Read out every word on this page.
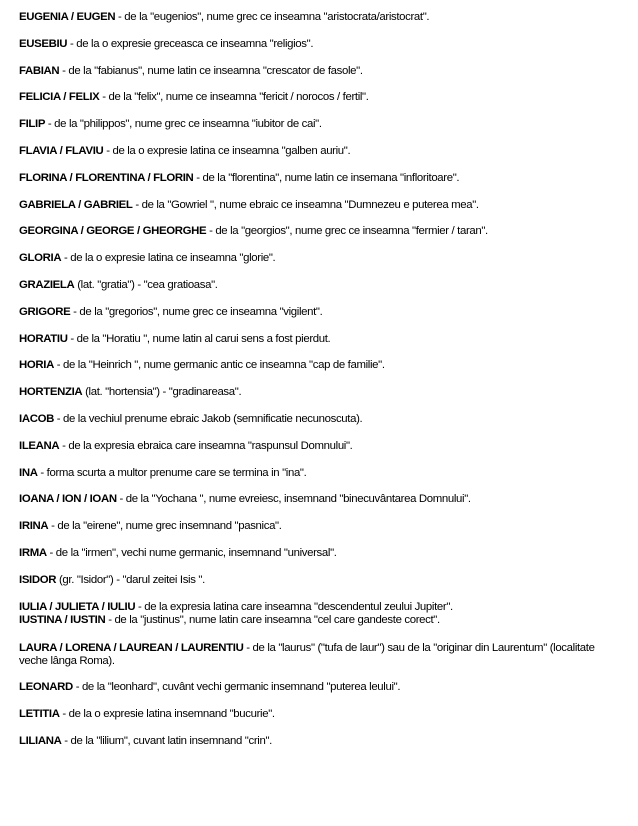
EUGENIA / EUGEN - de la "eugenios", nume grec ce inseamna "aristocrata/aristocrat".

EUSEBIU - de la o expresie greceasca ce inseamna "religios".

FABIAN - de la "fabianus", nume latin ce inseamna "crescator de fasole".

FELICIA / FELIX - de la "felix", nume ce inseamna "fericit / norocos / fertil".

FILIP - de la "philippos", nume grec ce inseamna "iubitor de cai".

FLAVIA / FLAVIU - de la o expresie latina ce inseamna "galben auriu".

FLORINA / FLORENTINA / FLORIN - de la "florentina", nume latin ce insemana "infloritoare".

GABRIELA / GABRIEL - de la "Gowriel ", nume ebraic ce inseamna "Dumnezeu e puterea mea".

GEORGINA / GEORGE / GHEORGHE - de la "georgios", nume grec ce inseamna "fermier / taran".

GLORIA - de la o expresie latina ce inseamna "glorie".

GRAZIELA (lat. "gratia") - "cea gratioasa".

GRIGORE - de la "gregorios", nume grec ce inseamna "vigilent".

HORATIU - de la "Horatiu ", nume latin al carui sens a fost pierdut.

HORIA - de la "Heinrich ", nume germanic antic ce inseamna "cap de familie".

HORTENZIA (lat. "hortensia") - "gradinareasa".

IACOB - de la vechiul prenume ebraic Jakob (semnificatie necunoscuta).

ILEANA - de la expresia ebraica care inseamna "raspunsul Domnului".

INA - forma scurta a multor prenume care se termina in "ina".

IOANA / ION / IOAN - de la "Yochana ", nume evreiesc, insemnand "binecuvântarea Domnului".

IRINA - de la "eirene", nume grec insemnand "pasnica".

IRMA - de la "irmen", vechi nume germanic, insemnand "universal".

ISIDOR (gr. "Isidor") - "darul zeitei Isis ".

IULIA / JULIETA / IULIU - de la expresia latina care inseamna "descendentul zeului Jupiter".

IUSTINA / IUSTIN - de la "justinus", nume latin care inseamna "cel care gandeste corect".

LAURA / LORENA / LAUREAN / LAURENTIU - de la "laurus" ("tufa de laur") sau de la "originar din Laurentum" (localitate veche lânga Roma).

LEONARD - de la "leonhard", cuvânt vechi germanic insemnand "puterea leului".

LETITIA - de la o expresie latina insemnand "bucurie".

LILIANA - de la "lilium", cuvant latin insemnand "crin".
